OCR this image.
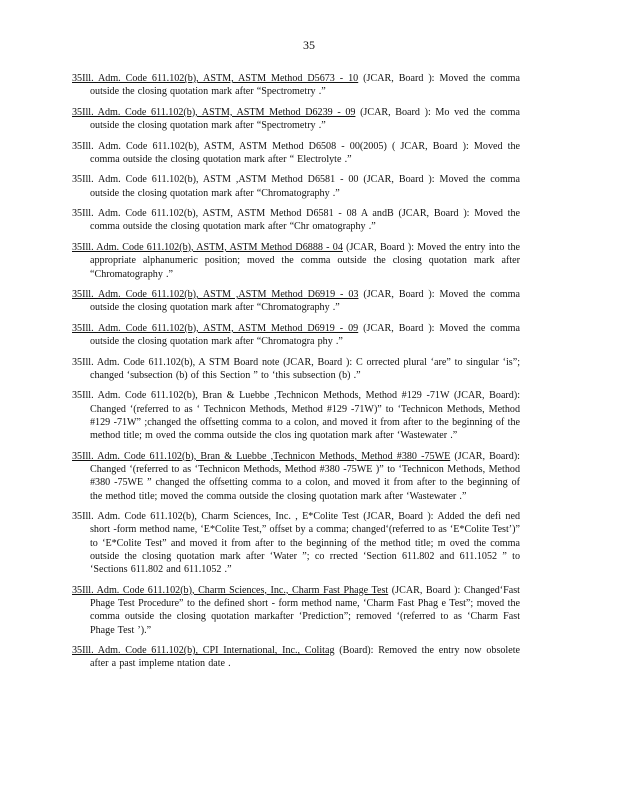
35
35Ill. Adm. Code 611.102(b), ASTM, ASTM Method D5673 - 10 (JCAR, Board ): Moved the comma outside the closing quotation mark after “Spectrometry .”
35Ill. Adm. Code 611.102(b), ASTM, ASTM Method D6239 - 09 (JCAR, Board ): Mo ved the comma outside the closing quotation mark after “Spectrometry .”
35Ill. Adm. Code 611.102(b), ASTM, ASTM Method D6508 - 00(2005) ( JCAR, Board ): Moved the comma outside the closing quotation mark after “ Electrolyte .”
35Ill. Adm. Code 611.102(b), ASTM ,ASTM Method D6581 - 00 (JCAR, Board ): Moved the comma outside the closing quotation mark after “Chromatography .”
35Ill. Adm. Code 611.102(b), ASTM, ASTM Method D6581 - 08 A andB (JCAR, Board ): Moved the comma outside the closing quotation mark after “Chr omatography .”
35Ill. Adm. Code 611.102(b), ASTM, ASTM Method D6888 - 04 (JCAR, Board ): Moved the entry into the appropriate alphanumeric position; moved the comma outside the closing quotation mark after “Chromatography .”
35Ill. Adm. Code 611.102(b), ASTM ,ASTM Method D6919 - 03 (JCAR, Board ): Moved the comma outside the closing quotation mark after “Chromatography .”
35Ill. Adm. Code 611.102(b), ASTM, ASTM Method D6919 - 09 (JCAR, Board ): Moved the comma outside the closing quotation mark after “Chromatogra phy .”
35Ill. Adm. Code 611.102(b), A STM Board note (JCAR, Board ): C orrected plural ‘are” to singular ‘is”; changed ‘subsection (b) of this Section ” to ‘this subsection (b) .”
35Ill. Adm. Code 611.102(b), Bran & Luebbe ,Technicon Methods, Method #129 -71W (JCAR, Board): Changed ‘(referred to as ‘ Technicon Methods, Method #129 -71W)” to ‘Technicon Methods, Method #129 -71W” ;changed the offsetting comma to a colon, and moved it from after to the beginning of the method title; m oved the comma outside the clos ing quotation mark after ‘Wastewater .”
35Ill. Adm. Code 611.102(b), Bran & Luebbe ,Technicon Methods, Method #380 -75WE (JCAR, Board): Changed ‘(referred to as ‘Technicon Methods, Method #380 -75WE )” to ‘Technicon Methods, Method #380 -75WE ” changed the offsetting comma to a colon, and moved it from after to the beginning of the method title; moved the comma outside the closing quotation mark after ‘Wastewater .”
35Ill. Adm. Code 611.102(b), Charm Sciences, Inc. , E*Colite Test (JCAR, Board ): Added the defi ned short -form method name, ‘E*Colite Test,” offset by a comma; changed‘(referred to as ‘E*Colite Test’)” to ‘E*Colite Test” and moved it from after to the beginning of the method title; m oved the comma outside the closing quotation mark after ‘Water ”; co rrected ‘Section 611.802 and 611.1052 ” to ‘Sections 611.802 and 611.1052 .”
35Ill. Adm. Code 611.102(b), Charm Sciences, Inc., Charm Fast Phage Test (JCAR, Board ): Changed‘Fast Phage Test Procedure” to the defined short - form method name, ‘Charm Fast Phag e Test”; moved the comma outside the closing quotation markafter ‘Prediction”; removed ‘(referred to as ‘Charm Fast Phage Test ’).”
35Ill. Adm. Code 611.102(b), CPI International, Inc., Colitag (Board): Removed the entry now obsolete after a past impleme ntation date .
